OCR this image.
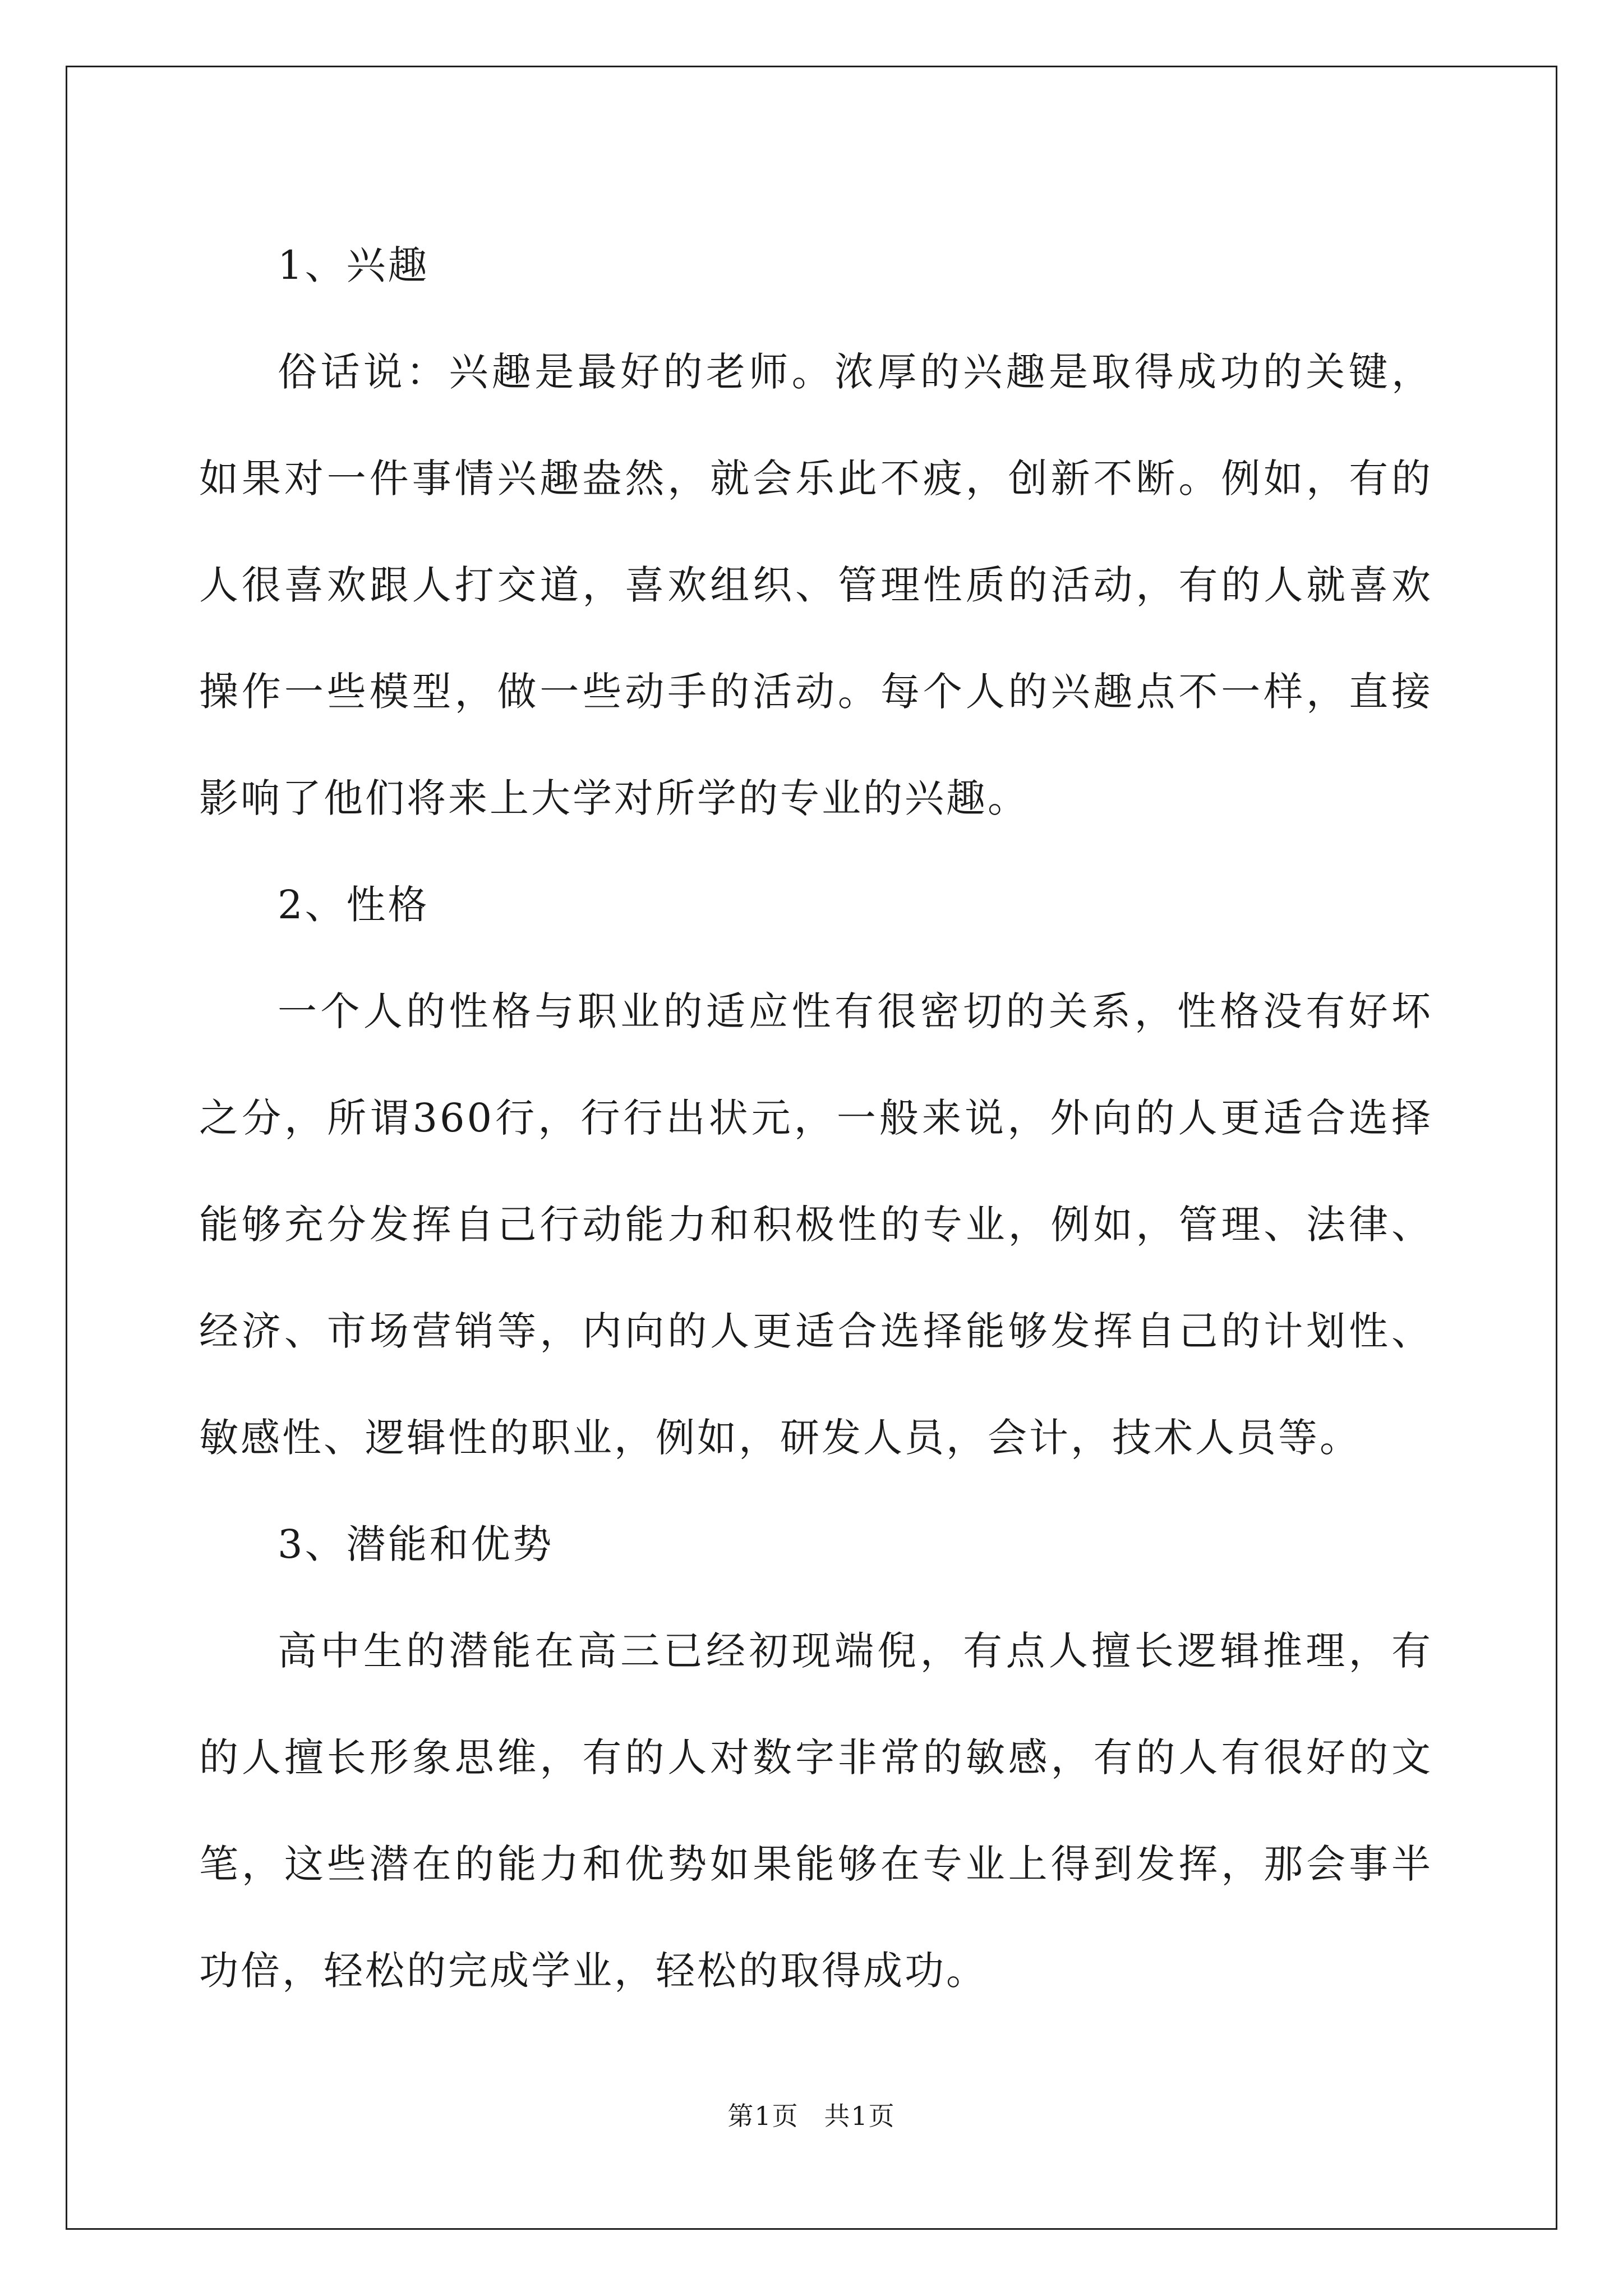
1、兴趣

俗话说：兴趣是最好的老师。浓厚的兴趣是取得成功的关键，如果对一件事情兴趣盎然，就会乐此不疲，创新不断。例如，有的人很喜欢跟人打交道，喜欢组织、管理性质的活动，有的人就喜欢操作一些模型，做一些动手的活动。每个人的兴趣点不一样，直接影响了他们将来上大学对所学的专业的兴趣。

2、性格

一个人的性格与职业的适应性有很密切的关系，性格没有好坏之分，所谓360行，行行出状元，一般来说，外向的人更适合选择能够充分发挥自己行动能力和积极性的专业，例如，管理、法律、经济、市场营销等，内向的人更适合选择能够发挥自己的计划性、敏感性、逻辑性的职业，例如，研发人员，会计，技术人员等。

3、潜能和优势

高中生的潜能在高三已经初现端倪，有点人擅长逻辑推理，有的人擅长形象思维，有的人对数字非常的敏感，有的人有很好的文笔，这些潜在的能力和优势如果能够在专业上得到发挥，那会事半功倍，轻松的完成学业，轻松的取得成功。

第1页 共1页
